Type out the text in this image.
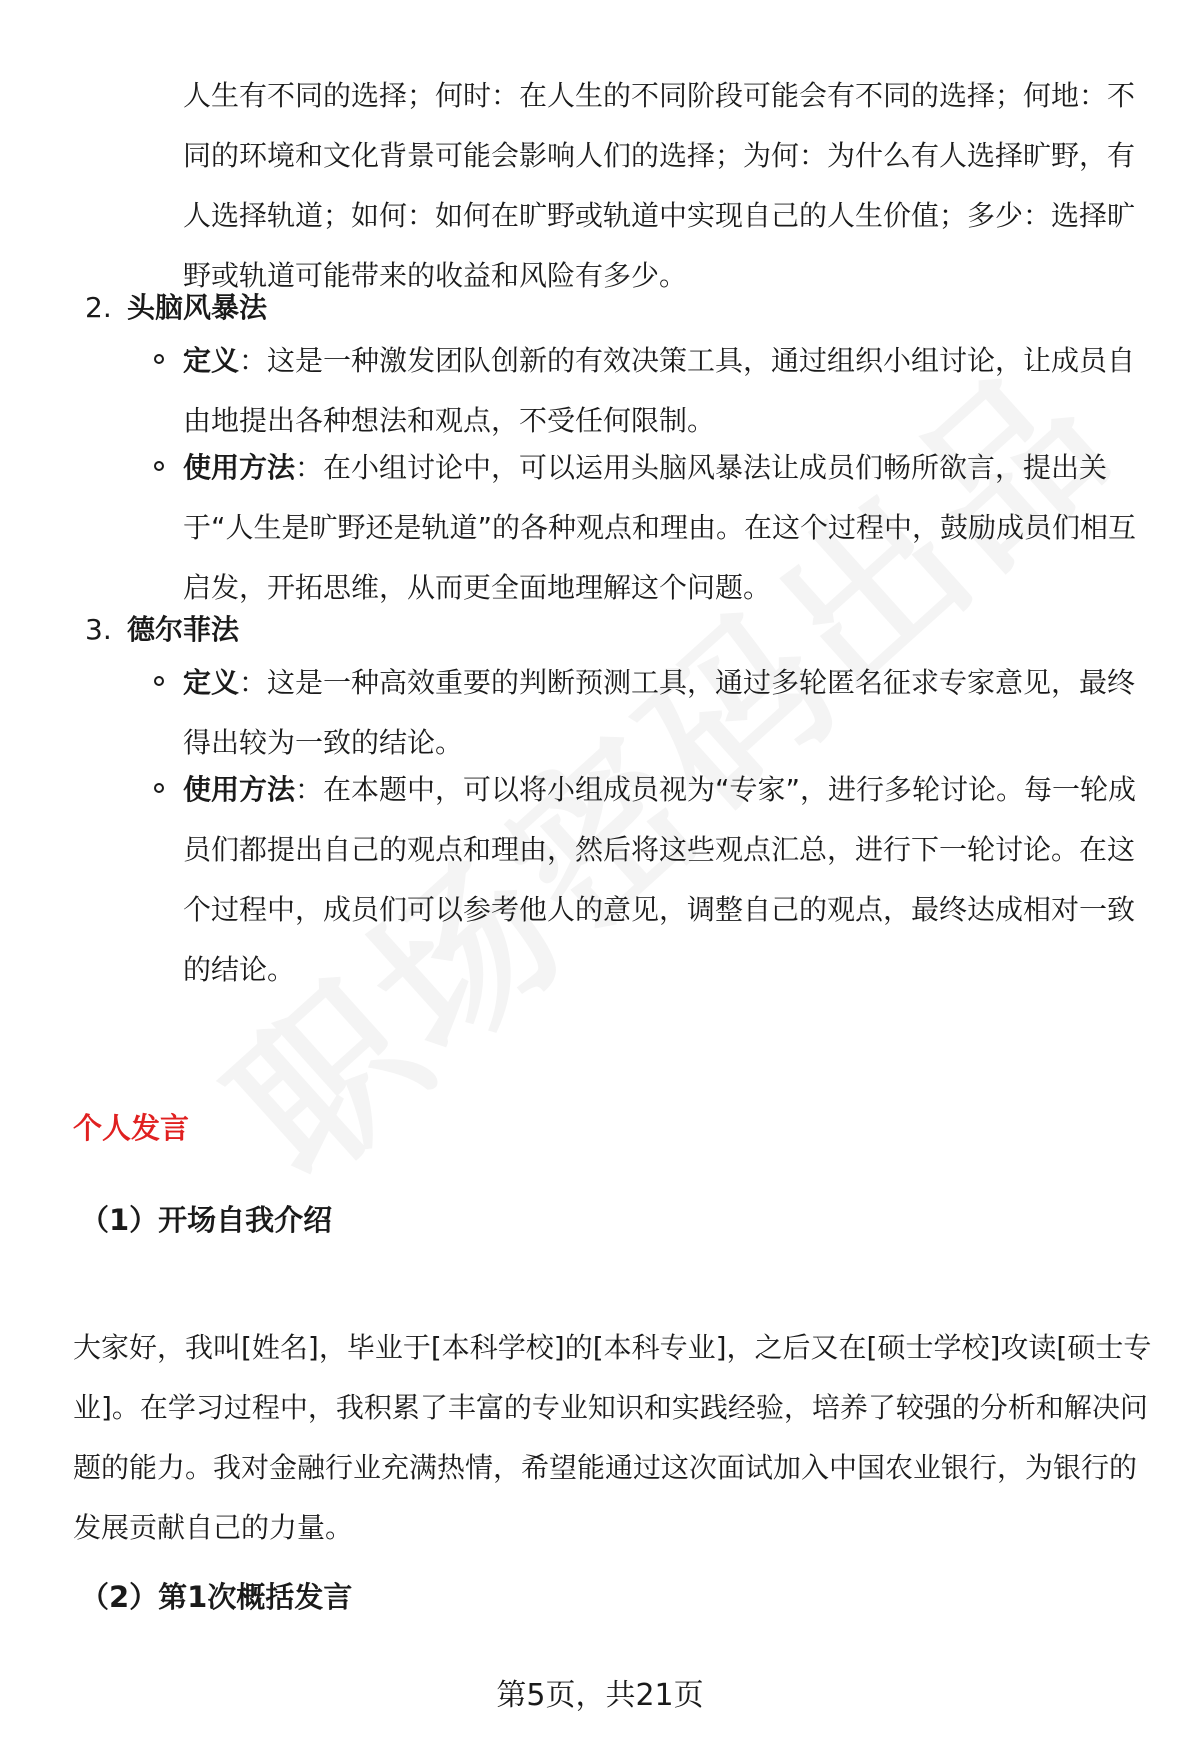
人生有不同的选择；何时：在人生的不同阶段可能会有不同的选择；何地：不同的环境和文化背景可能会影响人们的选择；为何：为什么有人选择旷野，有人选择轨道；如何：如何在旷野或轨道中实现自己的人生价值；多少：选择旷野或轨道可能带来的收益和风险有多少。

2. 头脑风暴法
定义：这是一种激发团队创新的有效决策工具，通过组织小组讨论，让成员自由地提出各种想法和观点，不受任何限制。
使用方法：在小组讨论中，可以运用头脑风暴法让成员们畅所欲言，提出关于“人生是旷野还是轨道”的各种观点和理由。在这个过程中，鼓励成员们相互启发，开拓思维，从而更全面地理解这个问题。
3. 德尔菲法
定义：这是一种高效重要的判断预测工具，通过多轮匿名征求专家意见，最终得出较为一致的结论。
使用方法：在本题中，可以将小组成员视为“专家”，进行多轮讨论。每一轮成员们都提出自己的观点和理由，然后将这些观点汇总，进行下一轮讨论。在这个过程中，成员们可以参考他人的意见，调整自己的观点，最终达成相对一致的结论。
个人发言
（1）开场自我介绍

大家好，我叫[姓名]，毕业于[本科学校]的[本科专业]，之后又在[硕士学校]攻读[硕士专业]。在学习过程中，我积累了丰富的专业知识和实践经验，培养了较强的分析和解决问题的能力。我对金融行业充满热情，希望能通过这次面试加入中国农业银行，为银行的发展贡献自己的力量。

（2）第1次概括发言
第5页，共21页
